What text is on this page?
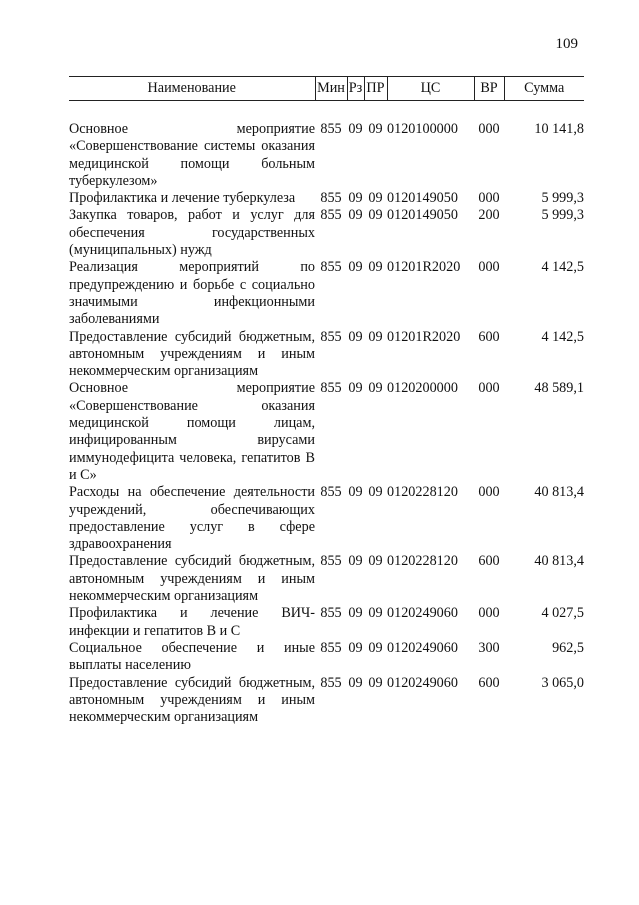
109
Наименование	Мин	Рз	ПР	ЦС	ВР	Сумма

Основное мероприятие «Совершенствование системы оказания медицинской помощи больным туберкулезом»	855	09	09	0120100000	000	10 141,8
Профилактика и лечение туберкулеза	855	09	09	0120149050	000	5 999,3
Закупка товаров, работ и услуг для обеспечения государственных (муниципальных) нужд	855	09	09	0120149050	200	5 999,3
Реализация мероприятий по предупреждению и борьбе с социально значимыми инфекционными заболеваниями	855	09	09	01201R2020	000	4 142,5
Предоставление субсидий бюджетным, автономным учреждениям и иным некоммерческим организациям	855	09	09	01201R2020	600	4 142,5
Основное мероприятие «Совершенствование оказания медицинской помощи лицам, инфицированным вирусами иммунодефицита человека, гепатитов В и С»	855	09	09	0120200000	000	48 589,1
Расходы на обеспечение деятельности учреждений, обеспечивающих предоставление услуг в сфере здравоохранения	855	09	09	0120228120	000	40 813,4
Предоставление субсидий бюджетным, автономным учреждениям и иным некоммерческим организациям	855	09	09	0120228120	600	40 813,4
Профилактика и лечение ВИЧ-инфекции и гепатитов В и С	855	09	09	0120249060	000	4 027,5
Социальное обеспечение и иные выплаты населению	855	09	09	0120249060	300	962,5
Предоставление субсидий бюджетным, автономным учреждениям и иным некоммерческим организациям	855	09	09	0120249060	600	3 065,0
